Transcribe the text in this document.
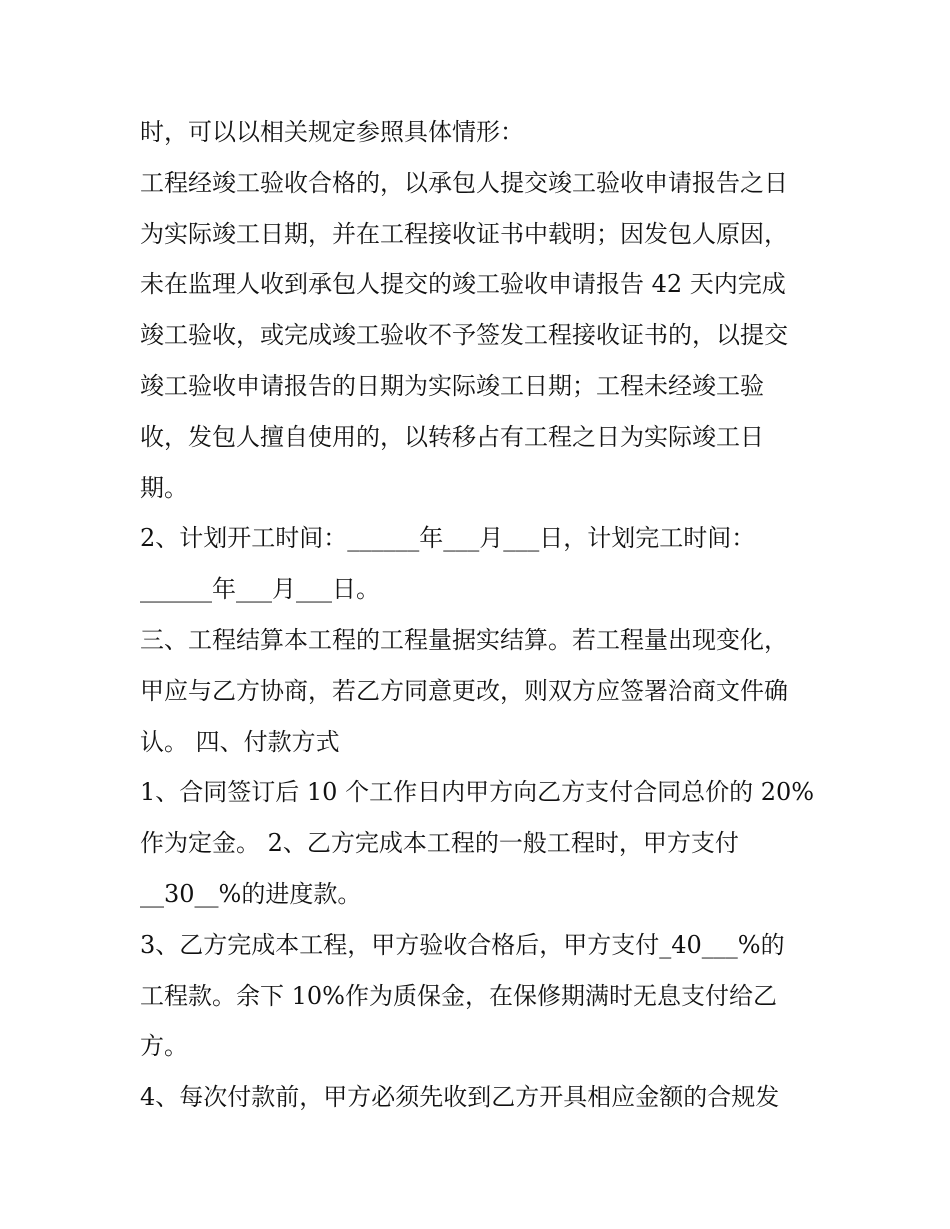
时，可以以相关规定参照具体情形：
工程经竣工验收合格的，以承包人提交竣工验收申请报告之日
为实际竣工日期，并在工程接收证书中载明；因发包人原因，
未在监理人收到承包人提交的竣工验收申请报告 42 天内完成
竣工验收，或完成竣工验收不予签发工程接收证书的，以提交
竣工验收申请报告的日期为实际竣工日期；工程未经竣工验
收，发包人擅自使用的，以转移占有工程之日为实际竣工日
期。
2、计划开工时间：______年___月___日，计划完工时间：
______年___月___日。
三、工程结算本工程的工程量据实结算。若工程量出现变化，
甲应与乙方协商，若乙方同意更改，则双方应签署洽商文件确
认。 四、付款方式
1、合同签订后 10 个工作日内甲方向乙方支付合同总价的 20%
作为定金。 2、乙方完成本工程的一般工程时，甲方支付
__30__%的进度款。
3、乙方完成本工程，甲方验收合格后，甲方支付_40___%的
工程款。余下 10%作为质保金，在保修期满时无息支付给乙
方。
4、每次付款前，甲方必须先收到乙方开具相应金额的合规发
